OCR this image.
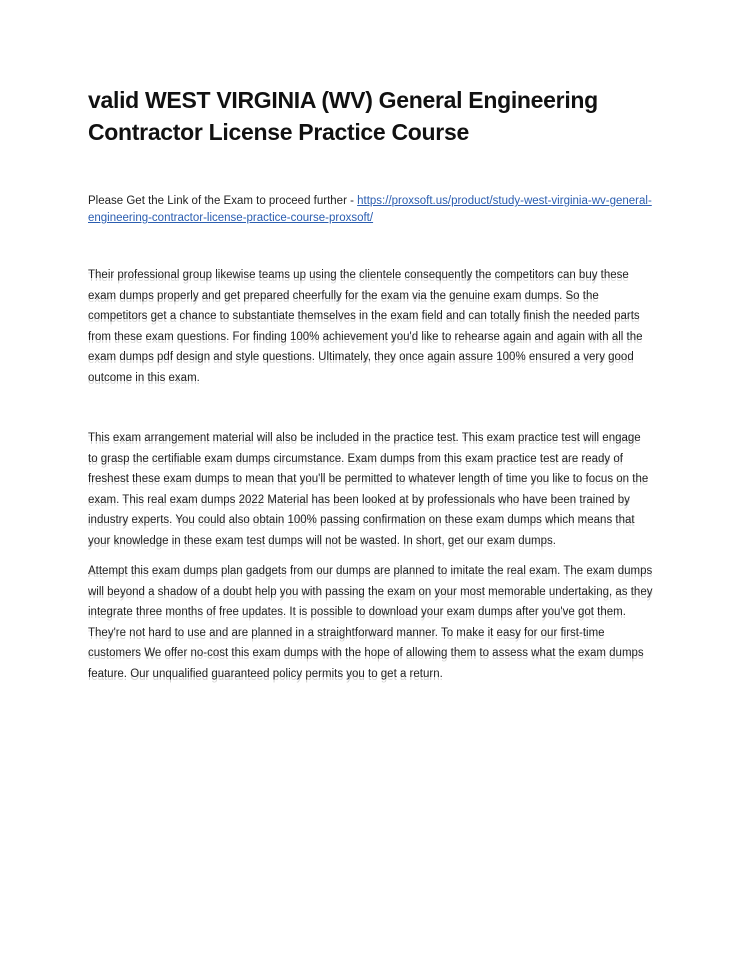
valid WEST VIRGINIA (WV) General Engineering Contractor License Practice Course
Please Get the Link of the Exam to proceed further - https://proxsoft.us/product/study-west-virginia-wv-general-engineering-contractor-license-practice-course-proxsoft/

Their professional group likewise teams up using the clientele consequently the competitors can buy these exam dumps properly and get prepared cheerfully for the exam via the genuine exam dumps. So the competitors get a chance to substantiate themselves in the exam field and can totally finish the needed parts from these exam questions. For finding 100% achievement you'd like to rehearse again and again with all the exam dumps pdf design and style questions. Ultimately, they once again assure 100% ensured a very good outcome in this exam.

This exam arrangement material will also be included in the practice test. This exam practice test will engage to grasp the certifiable exam dumps circumstance. Exam dumps from this exam practice test are ready of freshest these exam dumps to mean that you'll be permitted to whatever length of time you like to focus on the exam. This real exam dumps 2022 Material has been looked at by professionals who have been trained by industry experts. You could also obtain 100% passing confirmation on these exam dumps which means that your knowledge in these exam test dumps will not be wasted. In short, get our exam dumps.

Attempt this exam dumps plan gadgets from our dumps are planned to imitate the real exam. The exam dumps will beyond a shadow of a doubt help you with passing the exam on your most memorable undertaking, as they integrate three months of free updates. It is possible to download your exam dumps after you've got them. They're not hard to use and are planned in a straightforward manner. To make it easy for our first-time customers We offer no-cost this exam dumps with the hope of allowing them to assess what the exam dumps feature. Our unqualified guaranteed policy permits you to get a return.
